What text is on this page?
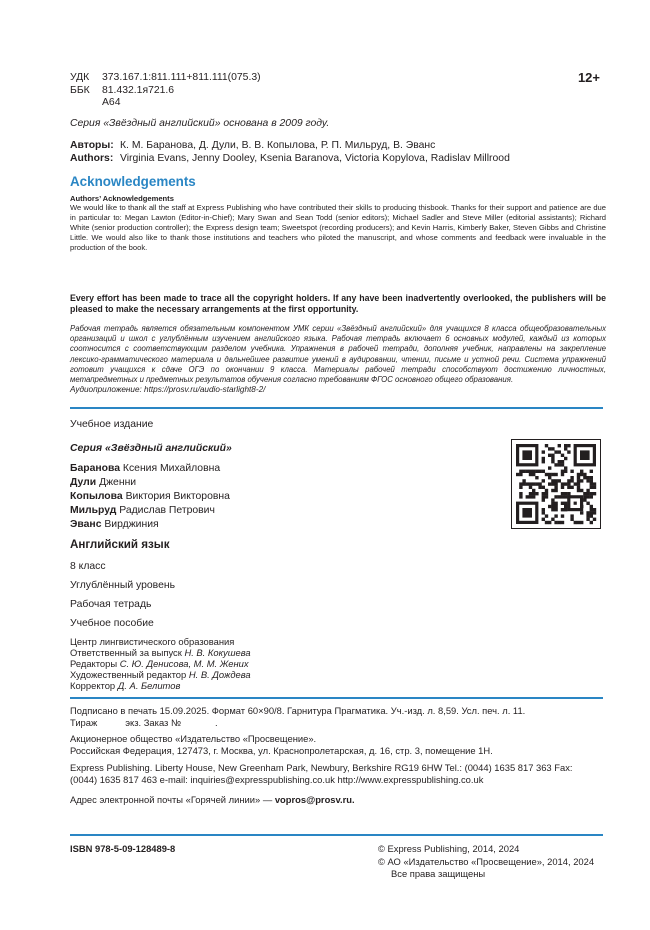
УДК 373.167.1:811.111+811.111(075.3)
ББК 81.432.1я721.6
А64
12+
Серия «Звёздный английский» основана в 2009 году.
Авторы: К. М. Баранова, Д. Дули, В. В. Копылова, Р. П. Мильруд, В. Эванс
Authors: Virginia Evans, Jenny Dooley, Ksenia Baranova, Victoria Kopylova, Radislav Millrood
Acknowledgements
Authors’ Acknowledgements
We would like to thank all the staff at Express Publishing who have contributed their skills to producing thisbook. Thanks for their support and patience are due in particular to: Megan Lawton (Editor-in-Chief); Mary Swan and Sean Todd (senior editors); Michael Sadler and Steve Miller (editorial assistants); Richard White (senior production controller); the Express design team; Sweetspot (recording producers); and Kevin Harris, Kimberly Baker, Steven Gibbs and Christine Little. We would also like to thank those institutions and teachers who piloted the manuscript, and whose comments and feedback were invaluable in the production of the book.
Every effort has been made to trace all the copyright holders. If any have been inadvertently overlooked, the publishers will be pleased to make the necessary arrangements at the first opportunity.
Рабочая тетрадь является обязательным компонентом УМК серии «Звёздный английский» для учащихся 8 класса общеобразовательных организаций и школ с углублённым изучением английского языка. Рабочая тетрадь включает 6 основных модулей, каждый из которых соотносится с соответствующим разделом учебника. Упражнения в рабочей тетради, дополняя учебник, направлены на закрепление лексико-грамматического материала и дальнейшее развитие умений в аудировании, чтении, письме и устной речи. Система упражнений готовит учащихся к сдаче ОГЭ по окончании 9 класса. Материалы рабочей тетради способствуют достижению личностных, метапредметных и предметных результатов обучения согласно требованиям ФГОС основного общего образования.
Аудиоприложение: https://prosv.ru/audio-starlight8-2/
Учебное издание
Серия «Звёздный английский»
Баранова Ксения Михайловна
Дули Дженни
Копылова Виктория Викторовна
Мильруд Радислав Петрович
Эванс Вирджиния
Английский язык
8 класс
Углублённый уровень
Рабочая тетрадь
Учебное пособие
Центр лингвистического образования
Ответственный за выпуск Н. В. Кокушева
Редакторы С. Ю. Денисова, М. М. Жених
Художественный редактор Н. В. Дождева
Корректор Д. А. Белитов
Подписано в печать 15.09.2025. Формат 60×90/8. Гарнитура Прагматика. Уч.-изд. л. 8,59. Усл. печ. л. 11.
Тираж	экз. Заказ №	.
Акционерное общество «Издательство «Просвещение».
Российская Федерация, 127473, г. Москва, ул. Краснопролетарская, д. 16, стр. 3, помещение 1Н.
Express Publishing. Liberty House, New Greenham Park, Newbury, Berkshire RG19 6HW Tel.: (0044) 1635 817 363 Fax:
(0044) 1635 817 463 e-mail: inquiries@expresspublishing.co.uk http://www.expresspublishing.co.uk
Адрес электронной почты «Горячей линии» — vopros@prosv.ru.
ISBN 978-5-09-128489-8	© Express Publishing, 2014, 2024
© АО «Издательство «Просвещение», 2014, 2024
Все права защищены
